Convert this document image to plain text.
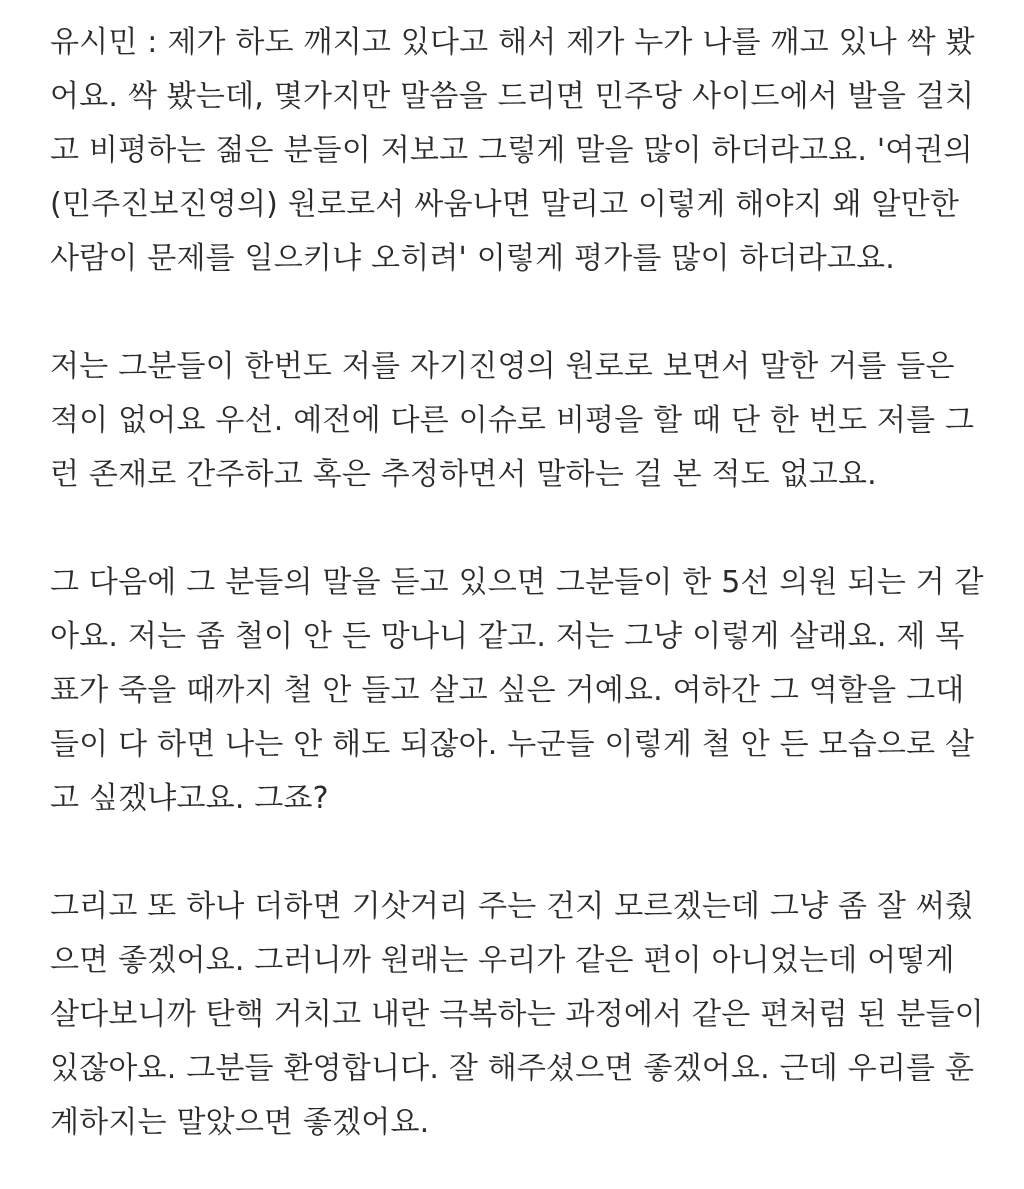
유시민 : 제가 하도 깨지고 있다고 해서 제가 누가 나를 깨고 있나 싹 봤
어요. 싹 봤는데, 몇가지만 말씀을 드리면 민주당 사이드에서 발을 걸치
고 비평하는 젊은 분들이 저보고 그렇게 말을 많이 하더라고요. '여권의
(민주진보진영의) 원로로서 싸움나면 말리고 이렇게 해야지 왜 알만한
사람이 문제를 일으키냐 오히려' 이렇게 평가를 많이 하더라고요.
저는 그분들이 한번도 저를 자기진영의 원로로 보면서 말한 거를 들은
적이 없어요 우선. 예전에 다른 이슈로 비평을 할 때 단 한 번도 저를 그
런 존재로 간주하고 혹은 추정하면서 말하는 걸 본 적도 없고요.
그 다음에 그 분들의 말을 듣고 있으면 그분들이 한 5선 의원 되는 거 같
아요. 저는 좀 철이 안 든 망나니 같고. 저는 그냥 이렇게 살래요. 제 목
표가 죽을 때까지 철 안 들고 살고 싶은 거예요. 여하간 그 역할을 그대
들이 다 하면 나는 안 해도 되잖아. 누군들 이렇게 철 안 든 모습으로 살
고 싶겠냐고요. 그죠?
그리고 또 하나 더하면 기삿거리 주는 건지 모르겠는데 그냥 좀 잘 써줬
으면 좋겠어요. 그러니까 원래는 우리가 같은 편이 아니었는데 어떻게
살다보니까 탄핵 거치고 내란 극복하는 과정에서 같은 편처럼 된 분들이
있잖아요. 그분들 환영합니다. 잘 해주셨으면 좋겠어요. 근데 우리를 훈
계하지는 말았으면 좋겠어요.
